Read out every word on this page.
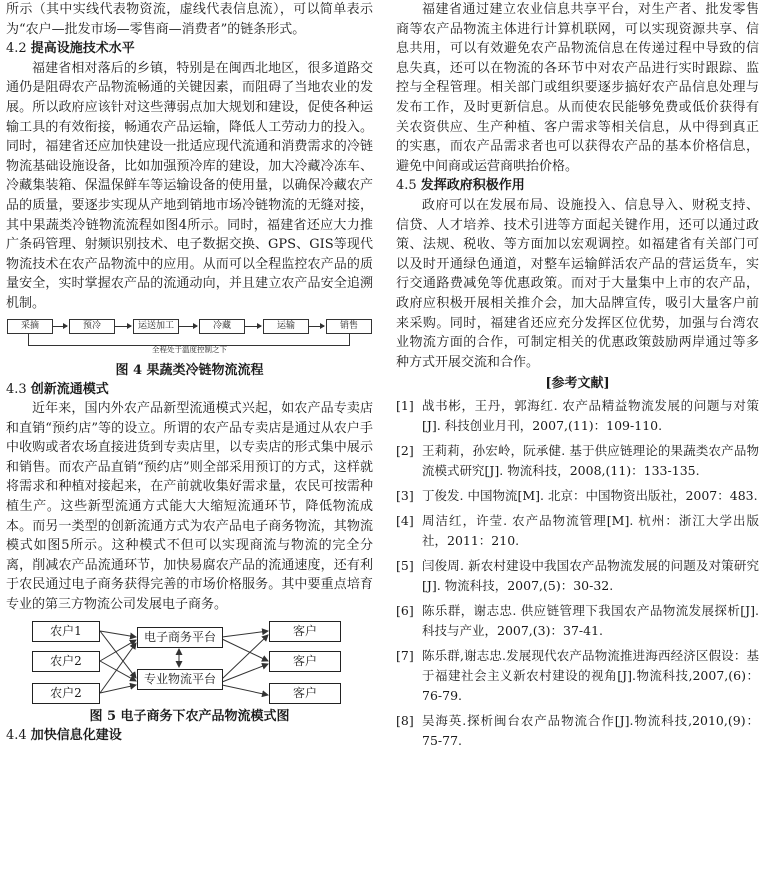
所示（其中实线代表物资流，虚线代表信息流），可以简单表示为“农户—批发市场—零售商—消费者”的链条形式。

4.2 提高设施技术水平

福建省相对落后的乡镇，特别是在闽西北地区，很多道路交通仍是阻碍农产品物流畅通的关键因素，而阻碍了当地农业的发展。所以政府应该针对这些薄弱点加大规划和建设，促使各种运输工具的有效衔接，畅通农产品运输，降低人工劳动力的投入。同时，福建省还应加快建设一批适应现代流通和消费需求的冷链物流基础设施设备，比如加强预冷库的建设，加大冷藏冷冻车、冷藏集装箱、保温保鲜车等运输设备的使用量，以确保冷藏农产品的质量，要逐步实现从产地到销地市场冷链物流的无缝对接，其中果蔬类冷链物流流程如图4所示。同时，福建省还应大力推广条码管理、射频识别技术、电子数据交换、GPS、GIS等现代物流技术在农产品物流中的应用。从而可以全程监控农产品的质量安全，实时掌握农产品的流通动向，并且建立农产品安全追溯机制。

采摘	预冷	运送加工	冷藏	运输	销售
全程处于温度控制之下
图 4 果蔬类冷链物流流程
4.3 创新流通模式

近年来，国内外农产品新型流通模式兴起，如农产品专卖店和直销“预约店”等的设立。所谓的农产品专卖店是通过从农户手中收购或者农场直接进货到专卖店里，以专卖店的形式集中展示和销售。而农产品直销“预约店”则全部采用预订的方式，这样就将需求和种植对接起来，在产前就收集好需求量，农民可按需种植生产。这些新型流通方式能大大缩短流通环节，降低物流成本。而另一类型的创新流通方式为农产品电子商务物流，其物流模式如图5所示。这种模式不但可以实现商流与物流的完全分离，削减农产品流通环节，加快易腐农产品的流通速度，还有利于农民通过电子商务获得完善的市场价格服务。其中要重点培育专业的第三方物流公司发展电子商务。

农户1
农户2
农户2
电子商务平台
专业物流平台
客户
客户
客户
图 5 电子商务下农产品物流模式图
4.4 加快信息化建设

福建省通过建立农业信息共享平台，对生产者、批发零售商等农产品物流主体进行计算机联网，可以实现资源共享、信息共用，可以有效避免农产品物流信息在传递过程中导致的信息失真，还可以在物流的各环节中对农产品进行实时跟踪、监控与全程管理。相关部门或组织要逐步搞好农产品信息处理与发布工作，及时更新信息。从而使农民能够免费或低价获得有关农资供应、生产种植、客户需求等相关信息，从中得到真正的实惠，而农产品需求者也可以获得农产品的基本价格信息，避免中间商或运营商哄抬价格。

4.5 发挥政府积极作用

政府可以在发展布局、设施投入、信息导入、财税支持、信贷、人才培养、技术引进等方面起关键作用，还可以通过政策、法规、税收、等方面加以宏观调控。如福建省有关部门可以及时开通绿色通道，对整车运输鲜活农产品的营运货车，实行交通路费减免等优惠政策。而对于大量集中上市的农产品，政府应积极开展相关推介会，加大品牌宣传，吸引大量客户前来采购。同时，福建省还应充分发挥区位优势，加强与台湾农业物流方面的合作，可制定相关的优惠政策鼓励两岸通过等多种方式开展交流和合作。

[参考文献]
[1] 战书彬，王丹，郭海红. 农产品精益物流发展的问题与对策[J]. 科技创业月刊，2007,(11)：109-110.
[2] 王莉莉，孙宏岭，阮承健. 基于供应链理论的果蔬类农产品物流模式研究[J]. 物流科技，2008,(11)：133-135.
[3] 丁俊发. 中国物流[M]. 北京：中国物资出版社，2007：483.
[4] 周洁红，许莹. 农产品物流管理[M]. 杭州：浙江大学出版社，2011：210.
[5] 闫俊周. 新农村建设中我国农产品物流发展的问题及对策研究[J]. 物流科技，2007,(5)：30-32.
[6] 陈乐群，谢志忠. 供应链管理下我国农产品物流发展探析[J]. 科技与产业，2007,(3)：37-41.
[7] 陈乐群,谢志忠.发展现代农产品物流推进海西经济区假设：基于福建社会主义新农村建设的视角[J].物流科技,2007,(6)：76-79.
[8] 吴海英.探析闽台农产品物流合作[J].物流科技,2010,(9)：75-77.
